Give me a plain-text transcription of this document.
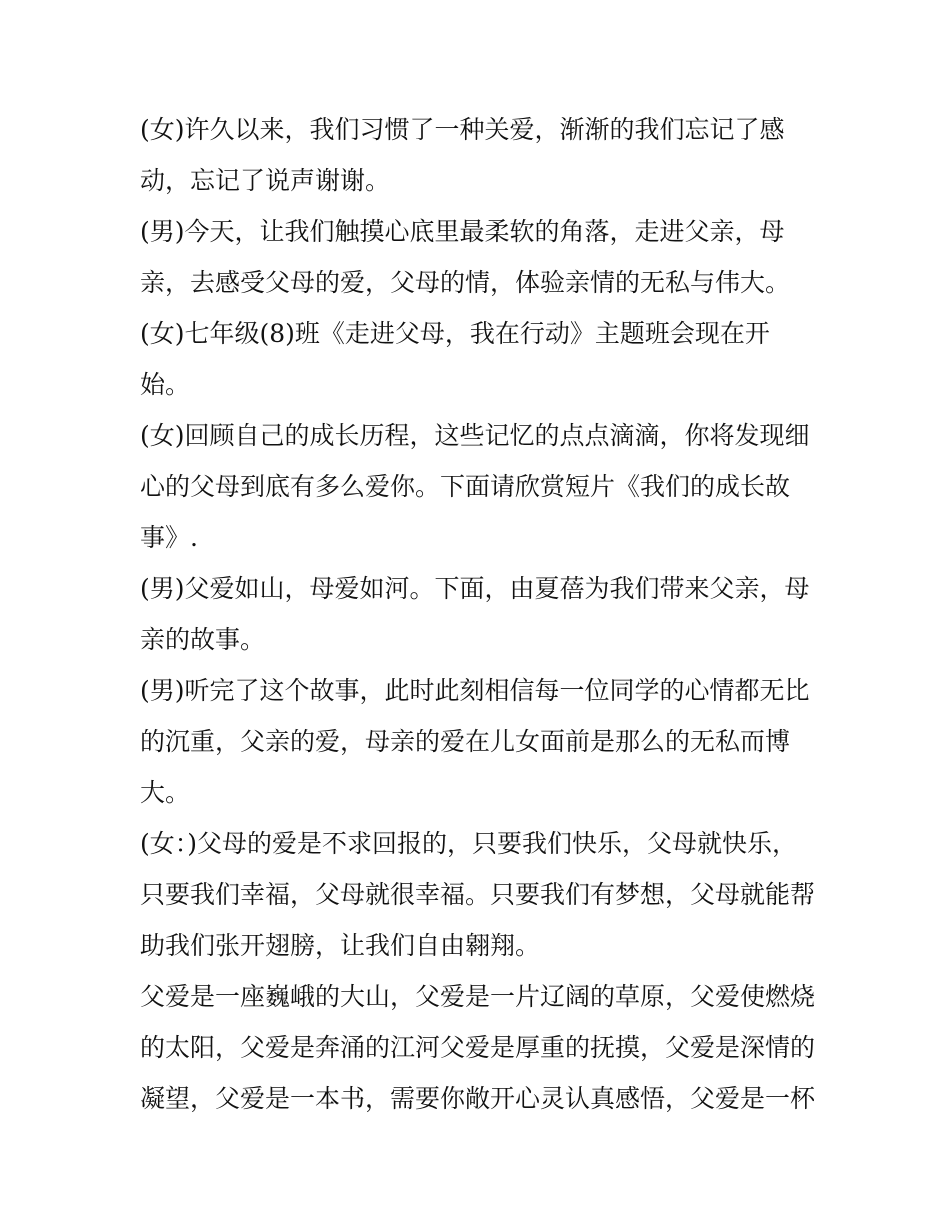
(女)许久以来，我们习惯了一种关爱，渐渐的我们忘记了感
动，忘记了说声谢谢。

(男)今天，让我们触摸心底里最柔软的角落，走进父亲，母
亲，去感受父母的爱，父母的情，体验亲情的无私与伟大。

(女)七年级(8)班《走进父母，我在行动》主题班会现在开
始。

(女)回顾自己的成长历程，这些记忆的点点滴滴，你将发现细
心的父母到底有多么爱你。下面请欣赏短片《我们的成长故
事》.

(男)父爱如山，母爱如河。下面，由夏蓓为我们带来父亲，母
亲的故事。

(男)听完了这个故事，此时此刻相信每一位同学的心情都无比
的沉重，父亲的爱，母亲的爱在儿女面前是那么的无私而博
大。

(女：)父母的爱是不求回报的，只要我们快乐，父母就快乐，
只要我们幸福，父母就很幸福。只要我们有梦想，父母就能帮
助我们张开翅膀，让我们自由翱翔。

父爱是一座巍峨的大山，父爱是一片辽阔的草原，父爱使燃烧
的太阳，父爱是奔涌的江河父爱是厚重的抚摸，父爱是深情的
凝望，父爱是一本书，需要你敞开心灵认真感悟，父爱是一杯
